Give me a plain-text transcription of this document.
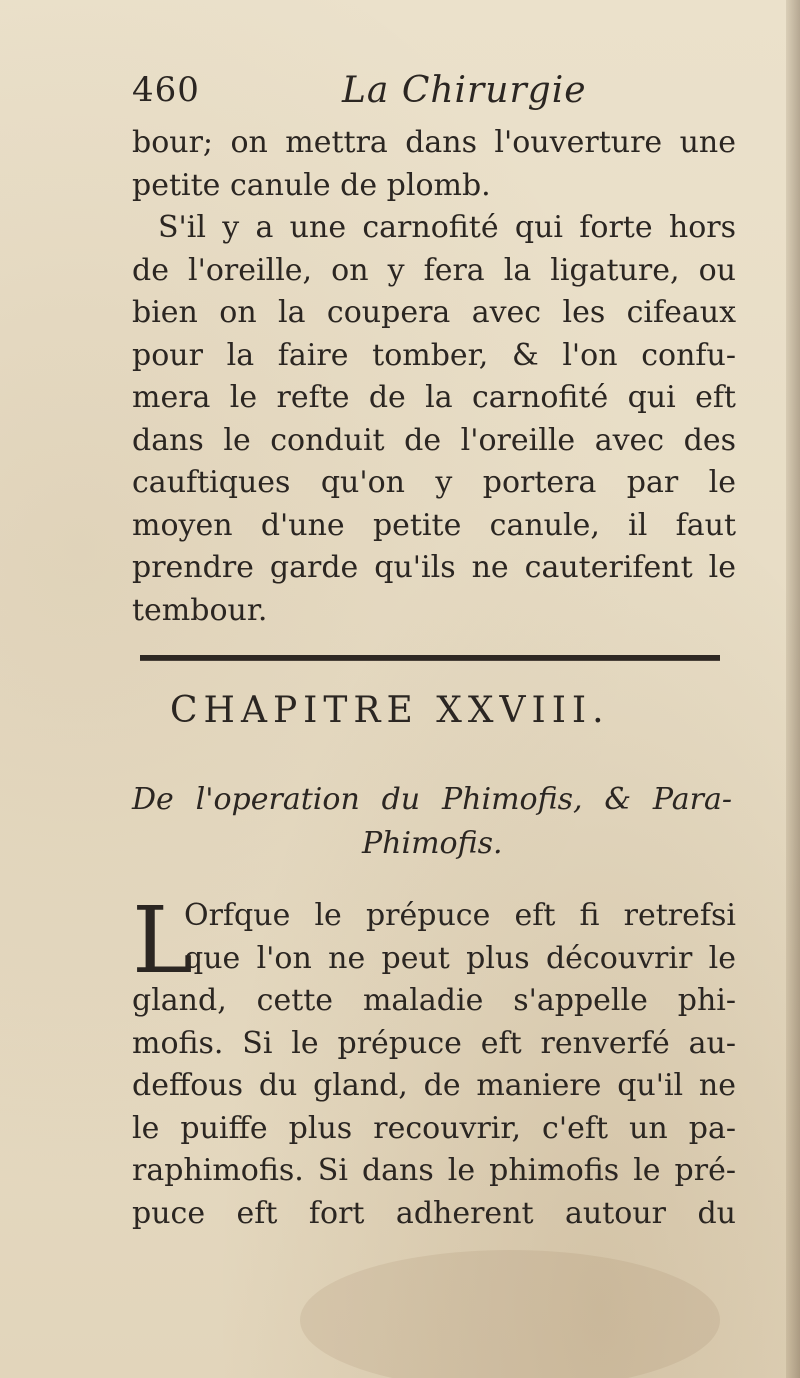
460	La Chirurgie
bour; on mettra dans l'ouverture une
petite canule de plomb.
S'il y a une carnofité qui forte hors
de l'oreille, on y fera la ligature, ou
bien on la coupera avec les cifeaux
pour la faire tomber, & l'on confu-
mera le refte de la carnofité qui eft
dans le conduit de l'oreille avec des
cauftiques qu'on y portera par le
moyen d'une petite canule, il faut
prendre garde qu'ils ne cauterifent le
tembour.
CHAPITRE XXVIII.
De l'operation du Phimofis, & Para-
Phimofis.
L
Orfque le prépuce eft fi retrefsi
que l'on ne peut plus découvrir le
gland, cette maladie s'appelle phi-
mofis. Si le prépuce eft renverfé au-
deffous du gland, de maniere qu'il ne
le puiffe plus recouvrir, c'eft un pa-
raphimofis. Si dans le phimofis le pré-
puce eft fort adherent autour du
